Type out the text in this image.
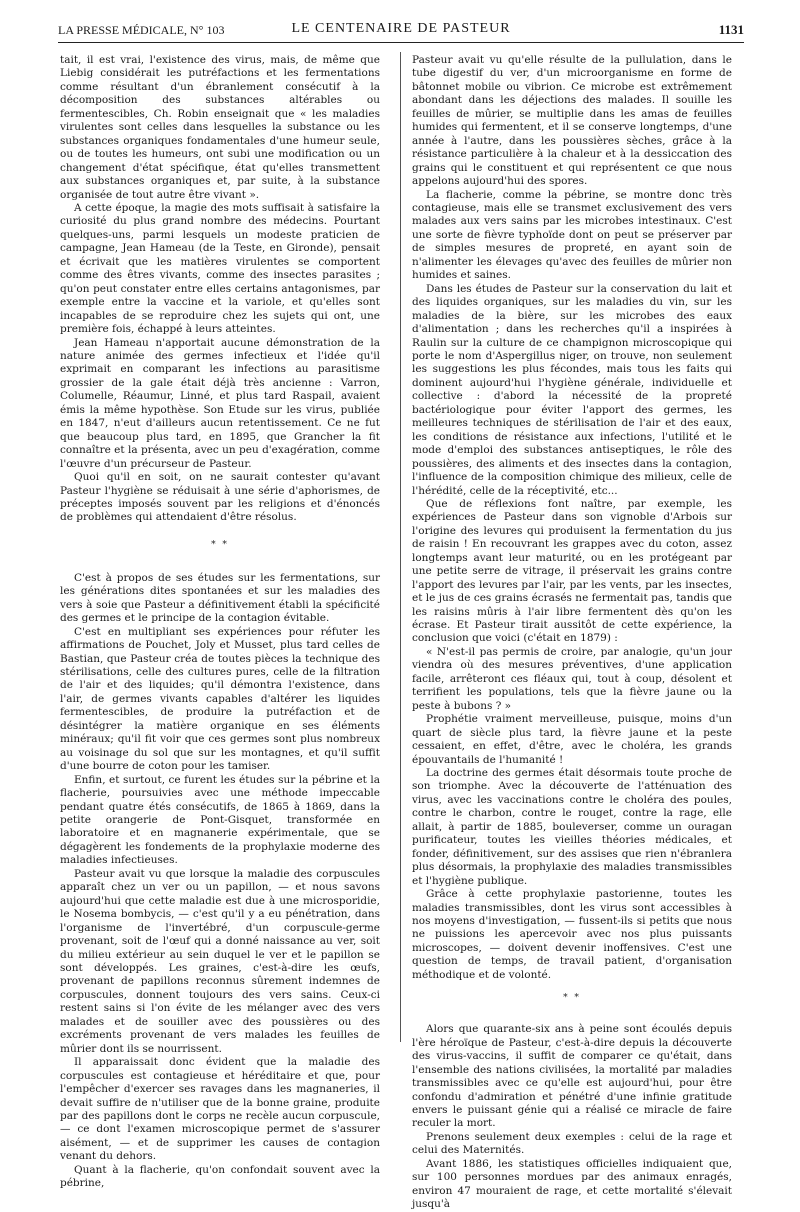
LA PRESSE MÉDICALE, N° 103	LE CENTENAIRE DE PASTEUR	1131

tait, il est vrai, l'existence des virus, mais, de même que Liebig considérait les putréfactions et les fermentations comme résultant d'un ébranlement consécutif à la décomposition des substances altérables ou fermentescibles, Ch. Robin enseignait que « les maladies virulentes sont celles dans lesquelles la substance ou les substances organiques fondamentales d'une humeur seule, ou de toutes les humeurs, ont subi une modification ou un changement d'état spécifique, état qu'elles transmettent aux substances organiques et, par suite, à la substance organisée de tout autre être vivant ».

A cette époque, la magie des mots suffisait à satisfaire la curiosité du plus grand nombre des médecins. Pourtant quelques-uns, parmi lesquels un modeste praticien de campagne, Jean Hameau (de la Teste, en Gironde), pensait et écrivait que les matières virulentes se comportent comme des êtres vivants, comme des insectes parasites ; qu'on peut constater entre elles certains antagonismes, par exemple entre la vaccine et la variole, et qu'elles sont incapables de se reproduire chez les sujets qui ont, une première fois, échappé à leurs atteintes.

Jean Hameau n'apportait aucune démonstration de la nature animée des germes infectieux et l'idée qu'il exprimait en comparant les infections au parasitisme grossier de la gale était déjà très ancienne : Varron, Columelle, Réaumur, Linné, et plus tard Raspail, avaient émis la même hypothèse. Son Etude sur les virus, publiée en 1847, n'eut d'ailleurs aucun retentissement. Ce ne fut que beaucoup plus tard, en 1895, que Grancher la fit connaître et la présenta, avec un peu d'exagération, comme l'œuvre d'un précurseur de Pasteur.

Quoi qu'il en soit, on ne saurait contester qu'avant Pasteur l'hygiène se réduisait à une série d'aphorismes, de préceptes imposés souvent par les religions et d'énoncés de problèmes qui attendaient d'être résolus.

* *

C'est à propos de ses études sur les fermentations, sur les générations dites spontanées et sur les maladies des vers à soie que Pasteur a définitivement établi la spécificité des germes et le principe de la contagion évitable.

C'est en multipliant ses expériences pour réfuter les affirmations de Pouchet, Joly et Musset, plus tard celles de Bastian, que Pasteur créa de toutes pièces la technique des stérilisations, celle des cultures pures, celle de la filtration de l'air et des liquides; qu'il démontra l'existence, dans l'air, de germes vivants capables d'altérer les liquides fermentescibles, de produire la putréfaction et de désintégrer la matière organique en ses éléments minéraux; qu'il fit voir que ces germes sont plus nombreux au voisinage du sol que sur les montagnes, et qu'il suffit d'une bourre de coton pour les tamiser.

Enfin, et surtout, ce furent les études sur la pébrine et la flacherie, poursuivies avec une méthode impeccable pendant quatre étés consécutifs, de 1865 à 1869, dans la petite orangerie de Pont-Gisquet, transformée en laboratoire et en magnanerie expérimentale, que se dégagèrent les fondements de la prophylaxie moderne des maladies infectieuses.

Pasteur avait vu que lorsque la maladie des corpuscules apparaît chez un ver ou un papillon, — et nous savons aujourd'hui que cette maladie est due à une microsporidie, le Nosema bombycis, — c'est qu'il y a eu pénétration, dans l'organisme de l'invertébré, d'un corpuscule-germe provenant, soit de l'œuf qui a donné naissance au ver, soit du milieu extérieur au sein duquel le ver et le papillon se sont développés. Les graines, c'est-à-dire les œufs, provenant de papillons reconnus sûrement indemnes de corpuscules, donnent toujours des vers sains. Ceux-ci restent sains si l'on évite de les mélanger avec des vers malades et de souiller avec des poussières ou des excréments provenant de vers malades les feuilles de mûrier dont ils se nourrissent.

Il apparaissait donc évident que la maladie des corpuscules est contagieuse et héréditaire et que, pour l'empêcher d'exercer ses ravages dans les magnaneries, il devait suffire de n'utiliser que de la bonne graine, produite par des papillons dont le corps ne recèle aucun corpuscule, — ce dont l'examen microscopique permet de s'assurer aisément, — et de supprimer les causes de contagion venant du dehors.

Quant à la flacherie, qu'on confondait souvent avec la pébrine,

Pasteur avait vu qu'elle résulte de la pullulation, dans le tube digestif du ver, d'un microorganisme en forme de bâtonnet mobile ou vibrion. Ce microbe est extrêmement abondant dans les déjections des malades. Il souille les feuilles de mûrier, se multiplie dans les amas de feuilles humides qui fermentent, et il se conserve longtemps, d'une année à l'autre, dans les poussières sèches, grâce à la résistance particulière à la chaleur et à la dessiccation des grains qui le constituent et qui représentent ce que nous appelons aujourd'hui des spores.

La flacherie, comme la pébrine, se montre donc très contagieuse, mais elle se transmet exclusivement des vers malades aux vers sains par les microbes intestinaux. C'est une sorte de fièvre typhoïde dont on peut se préserver par de simples mesures de propreté, en ayant soin de n'alimenter les élevages qu'avec des feuilles de mûrier non humides et saines.

Dans les études de Pasteur sur la conservation du lait et des liquides organiques, sur les maladies du vin, sur les maladies de la bière, sur les microbes des eaux d'alimentation ; dans les recherches qu'il a inspirées à Raulin sur la culture de ce champignon microscopique qui porte le nom d'Aspergillus niger, on trouve, non seulement les suggestions les plus fécondes, mais tous les faits qui dominent aujourd'hui l'hygiène générale, individuelle et collective : d'abord la nécessité de la propreté bactériologique pour éviter l'apport des germes, les meilleures techniques de stérilisation de l'air et des eaux, les conditions de résistance aux infections, l'utilité et le mode d'emploi des substances antiseptiques, le rôle des poussières, des aliments et des insectes dans la contagion, l'influence de la composition chimique des milieux, celle de l'hérédité, celle de la réceptivité, etc...

Que de réflexions font naître, par exemple, les expériences de Pasteur dans son vignoble d'Arbois sur l'origine des levures qui produisent la fermentation du jus de raisin ! En recouvrant les grappes avec du coton, assez longtemps avant leur maturité, ou en les protégeant par une petite serre de vitrage, il préservait les grains contre l'apport des levures par l'air, par les vents, par les insectes, et le jus de ces grains écrasés ne fermentait pas, tandis que les raisins mûris à l'air libre fermentent dès qu'on les écrase. Et Pasteur tirait aussitôt de cette expérience, la conclusion que voici (c'était en 1879) :

« N'est-il pas permis de croire, par analogie, qu'un jour viendra où des mesures préventives, d'une application facile, arrêteront ces fléaux qui, tout à coup, désolent et terrifient les populations, tels que la fièvre jaune ou la peste à bubons ? »

Prophétie vraiment merveilleuse, puisque, moins d'un quart de siècle plus tard, la fièvre jaune et la peste cessaient, en effet, d'être, avec le choléra, les grands épouvantails de l'humanité !

La doctrine des germes était désormais toute proche de son triomphe. Avec la découverte de l'atténuation des virus, avec les vaccinations contre le choléra des poules, contre le charbon, contre le rouget, contre la rage, elle allait, à partir de 1885, bouleverser, comme un ouragan purificateur, toutes les vieilles théories médicales, et fonder, définitivement, sur des assises que rien n'ébranlera plus désormais, la prophylaxie des maladies transmissibles et l'hygiène publique.

Grâce à cette prophylaxie pastorienne, toutes les maladies transmissibles, dont les virus sont accessibles à nos moyens d'investigation, — fussent-ils si petits que nous ne puissions les apercevoir avec nos plus puissants microscopes, — doivent devenir inoffensives. C'est une question de temps, de travail patient, d'organisation méthodique et de volonté.

* *

Alors que quarante-six ans à peine sont écoulés depuis l'ère héroïque de Pasteur, c'est-à-dire depuis la découverte des virus-vaccins, il suffit de comparer ce qu'était, dans l'ensemble des nations civilisées, la mortalité par maladies transmissibles avec ce qu'elle est aujourd'hui, pour être confondu d'admiration et pénétré d'une infinie gratitude envers le puissant génie qui a réalisé ce miracle de faire reculer la mort.

Prenons seulement deux exemples : celui de la rage et celui des Maternités.

Avant 1886, les statistiques officielles indiquaient que, sur 100 personnes mordues par des animaux enragés, environ 47 mouraient de rage, et cette mortalité s'élevait jusqu'à
